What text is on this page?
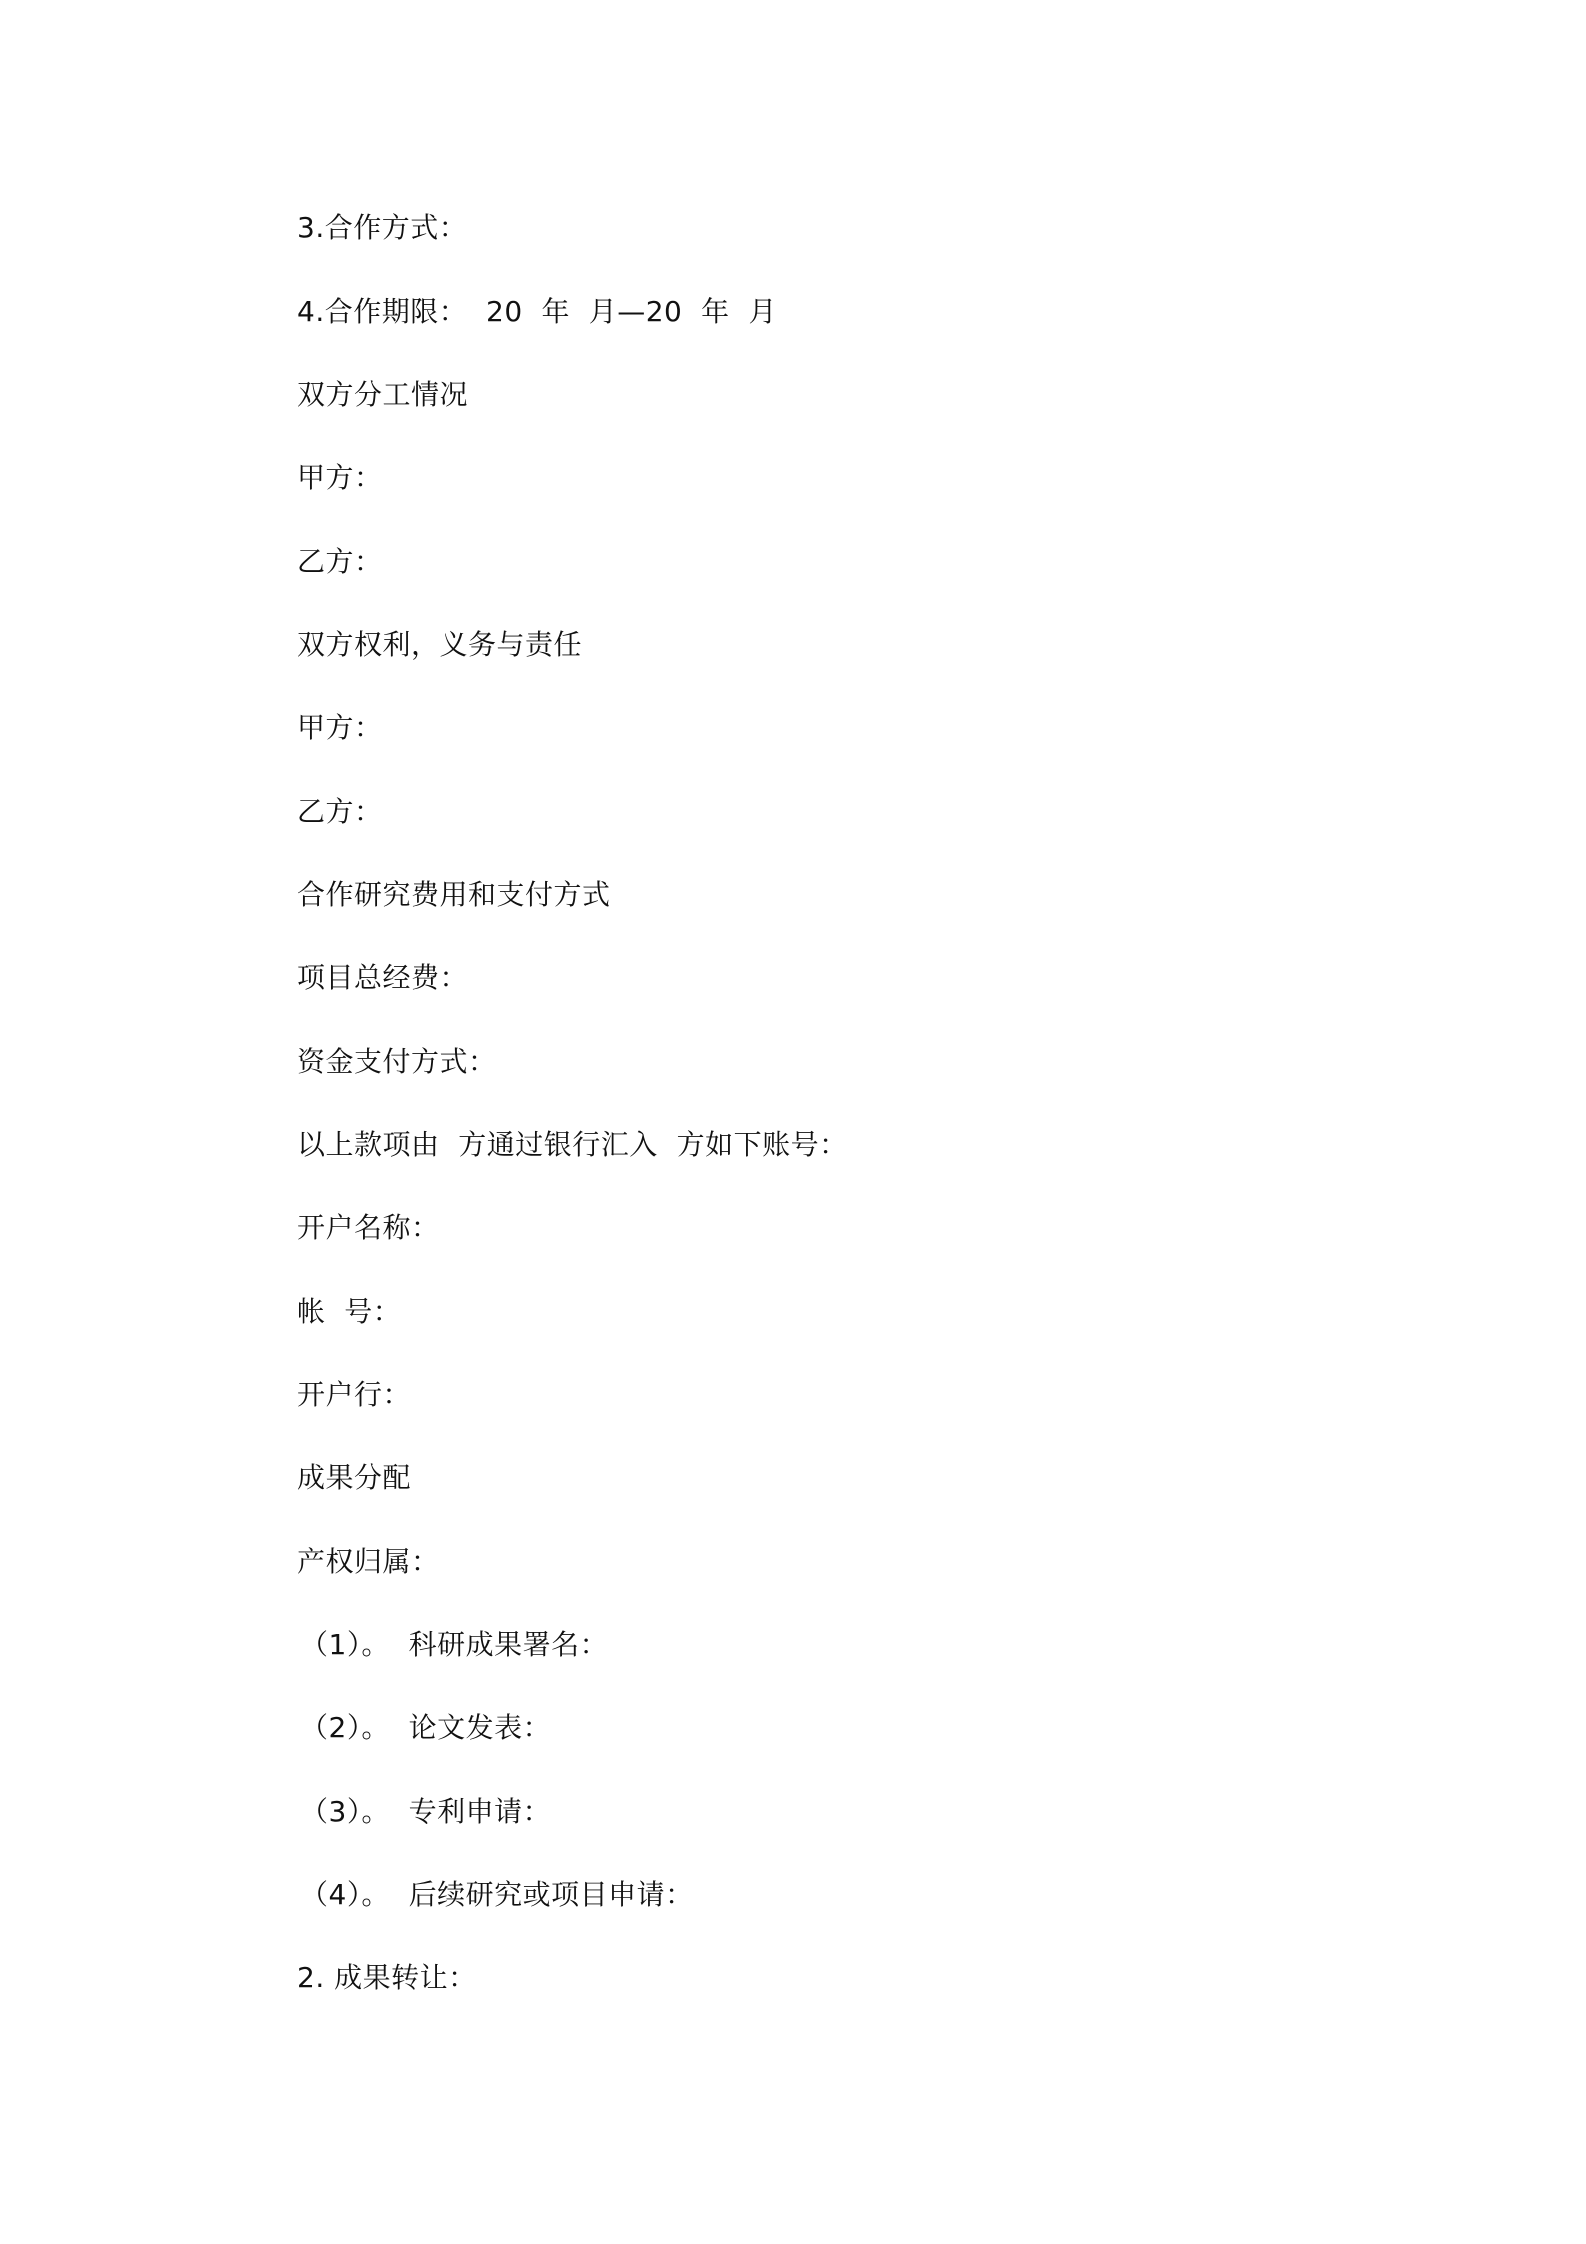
3.合作方式：
4.合作期限：  20  年  月—20  年  月
双方分工情况
甲方：
乙方：
双方权利，义务与责任
甲方：
乙方：
合作研究费用和支付方式
项目总经费：
资金支付方式：
以上款项由  方通过银行汇入  方如下账号：
开户名称：
帐  号：
开户行：
成果分配
产权归属：
（1）。  科研成果署名：
（2）。  论文发表：
（3）。  专利申请：
（4）。  后续研究或项目申请：
2. 成果转让：
